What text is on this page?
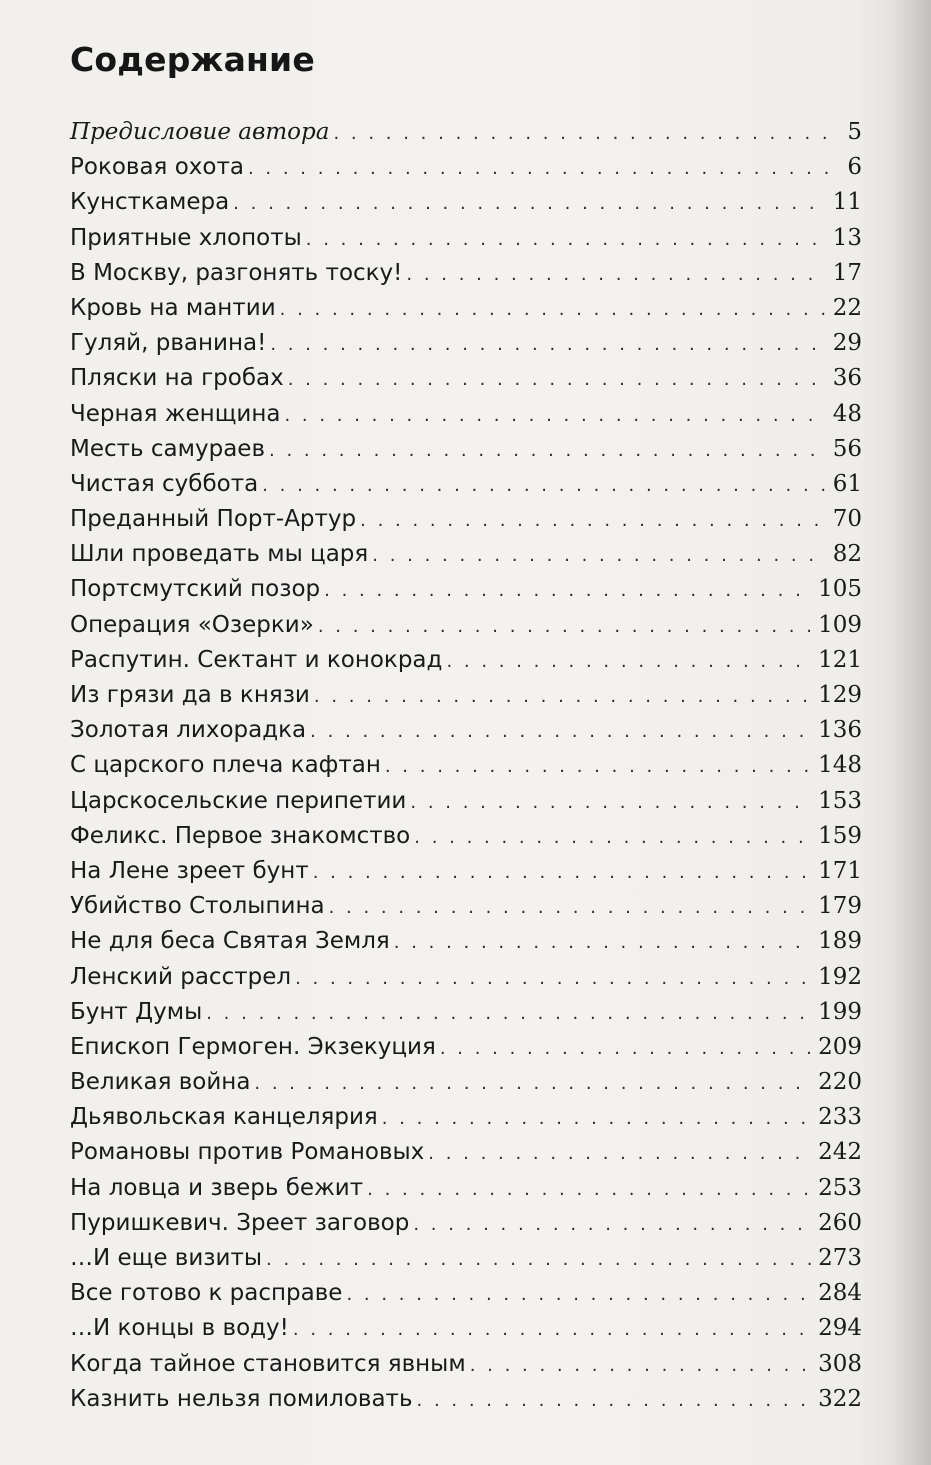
Содержание
Предисловие автора . . .	5
Роковая охота . . .	6
Кунсткамера . . .	11
Приятные хлопоты . . .	13
В Москву, разгонять тоску! . . .	17
Кровь на мантии . . .	22
Гуляй, рванина! . . .	29
Пляски на гробах . . .	36
Черная женщина . . .	48
Месть самураев . . .	56
Чистая суббота . . .	61
Преданный Порт-Артур . . .	70
Шли проведать мы царя . . .	82
Портсмутский позор . . .	105
Операция «Озерки» . . .	109
Распутин. Сектант и конокрад . . .	121
Из грязи да в князи . . .	129
Золотая лихорадка . . .	136
С царского плеча кафтан . . .	148
Царскосельские перипетии . . .	153
Феликс. Первое знакомство . . .	159
На Лене зреет бунт . . .	171
Убийство Столыпина . . .	179
Не для беса Святая Земля . . .	189
Ленский расстрел . . .	192
Бунт Думы . . .	199
Епископ Гермоген. Экзекуция . . .	209
Великая война . . .	220
Дьявольская канцелярия . . .	233
Романовы против Романовых . . .	242
На ловца и зверь бежит . . .	253
Пуришкевич. Зреет заговор . . .	260
…И еще визиты . . .	273
Все готово к расправе . . .	284
…И концы в воду! . . .	294
Когда тайное становится явным . . .	308
Казнить нельзя помиловать . . .	322
